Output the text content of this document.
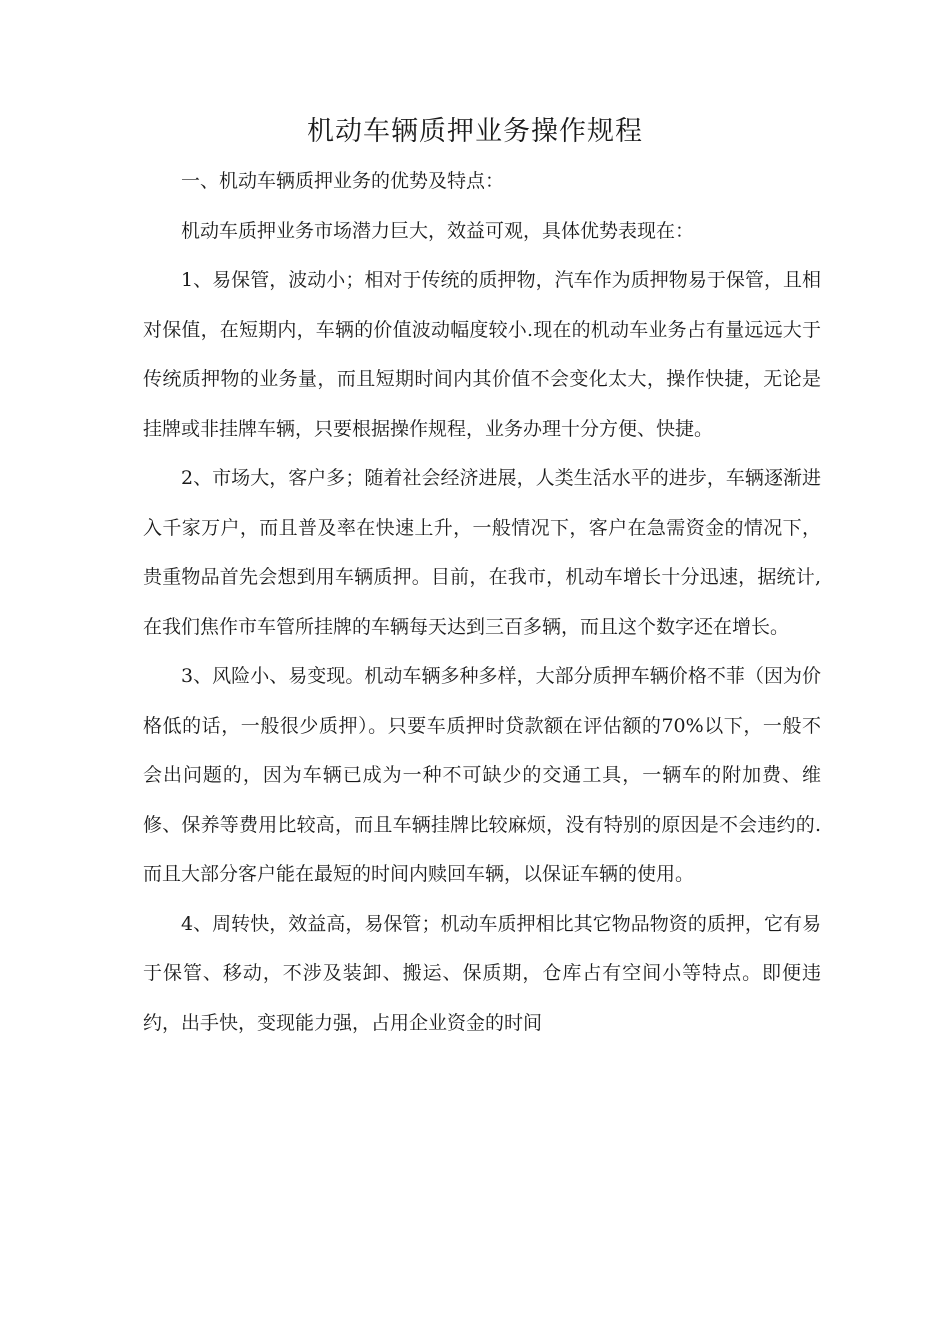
机动车辆质押业务操作规程

一、机动车辆质押业务的优势及特点：

机动车质押业务市场潜力巨大，效益可观，具体优势表现在：

1、易保管，波动小；相对于传统的质押物，汽车作为质押物易于保管，且相对保值，在短期内，车辆的价值波动幅度较小.现在的机动车业务占有量远远大于传统质押物的业务量，而且短期时间内其价值不会变化太大，操作快捷，无论是挂牌或非挂牌车辆，只要根据操作规程，业务办理十分方便、快捷。

2、市场大，客户多；随着社会经济进展，人类生活水平的进步，车辆逐渐进入千家万户，而且普及率在快速上升，一般情况下，客户在急需资金的情况下，贵重物品首先会想到用车辆质押。目前，在我市，机动车增长十分迅速，据统计,在我们焦作市车管所挂牌的车辆每天达到三百多辆，而且这个数字还在增长。

3、风险小、易变现。机动车辆多种多样，大部分质押车辆价格不菲（因为价格低的话，一般很少质押）。只要车质押时贷款额在评估额的70%以下，一般不会出问题的，因为车辆已成为一种不可缺少的交通工具，一辆车的附加费、维修、保养等费用比较高，而且车辆挂牌比较麻烦，没有特别的原因是不会违约的.而且大部分客户能在最短的时间内赎回车辆，以保证车辆的使用。

4、周转快，效益高，易保管；机动车质押相比其它物品物资的质押，它有易于保管、移动，不涉及装卸、搬运、保质期，仓库占有空间小等特点。即便违约，出手快，变现能力强，占用企业资金的时间
